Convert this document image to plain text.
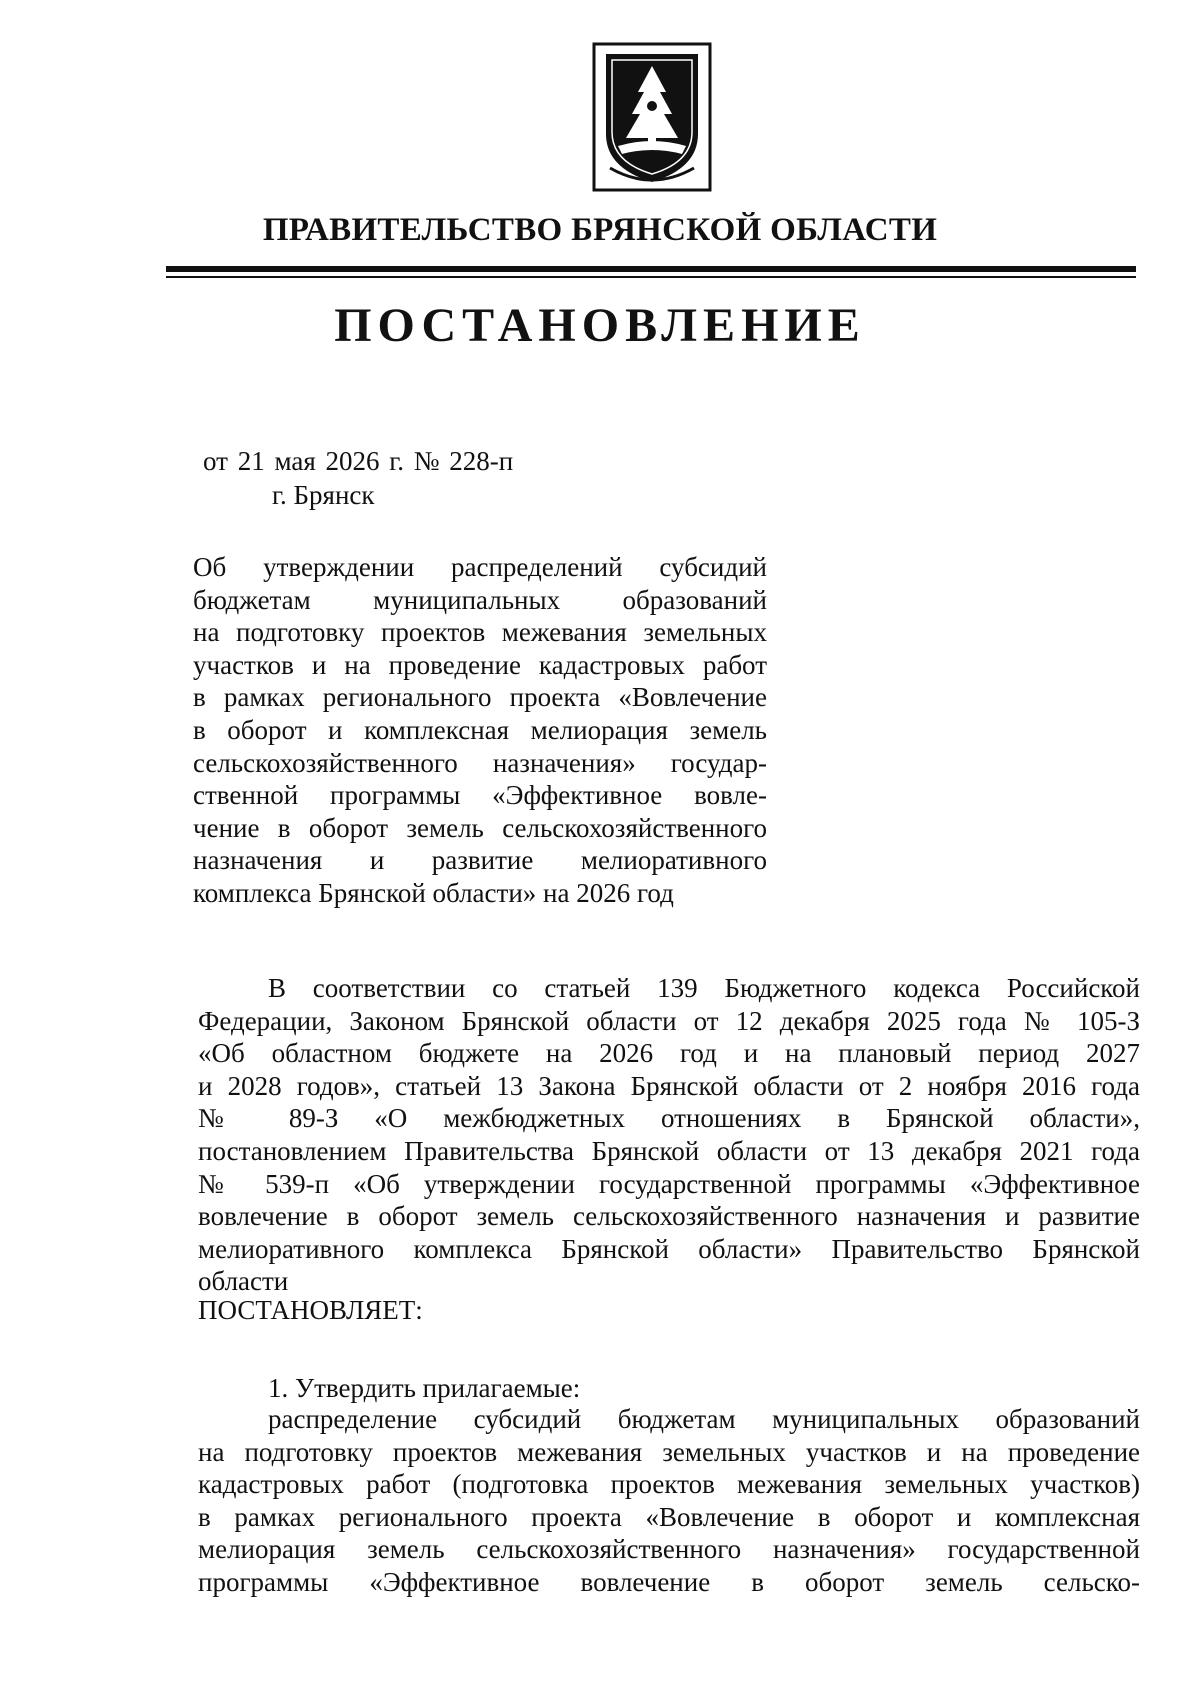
ПРАВИТЕЛЬСТВО БРЯНСКОЙ ОБЛАСТИ
ПОСТАНОВЛЕНИЕ
от 21 мая 2026 г. № 228-п
г. Брянск
Об утверждении распределений субсидий
бюджетам муниципальных образований
на подготовку проектов межевания земельных
участков и на проведение кадастровых работ
в рамках регионального проекта «Вовлечение
в оборот и комплексная мелиорация земель
сельскохозяйственного назначения» государ-
ственной программы «Эффективное вовле-
чение в оборот земель сельскохозяйственного
назначения и развитие мелиоративного
комплекса Брянской области» на 2026 год
В соответствии со статьей 139 Бюджетного кодекса Российской
Федерации, Законом Брянской области от 12 декабря 2025 года № 105-З
«Об областном бюджете на 2026 год и на плановый период 2027
и 2028 годов», статьей 13 Закона Брянской области от 2 ноября 2016 года
№ 89-З «О межбюджетных отношениях в Брянской области»,
постановлением Правительства Брянской области от 13 декабря 2021 года
№ 539-п «Об утверждении государственной программы «Эффективное
вовлечение в оборот земель сельскохозяйственного назначения и развитие
мелиоративного комплекса Брянской области» Правительство Брянской
области
ПОСТАНОВЛЯЕТ:
1. Утвердить прилагаемые:
распределение субсидий бюджетам муниципальных образований
на подготовку проектов межевания земельных участков и на проведение
кадастровых работ (подготовка проектов межевания земельных участков)
в рамках регионального проекта «Вовлечение в оборот и комплексная
мелиорация земель сельскохозяйственного назначения» государственной
программы «Эффективное вовлечение в оборот земель сельско-
